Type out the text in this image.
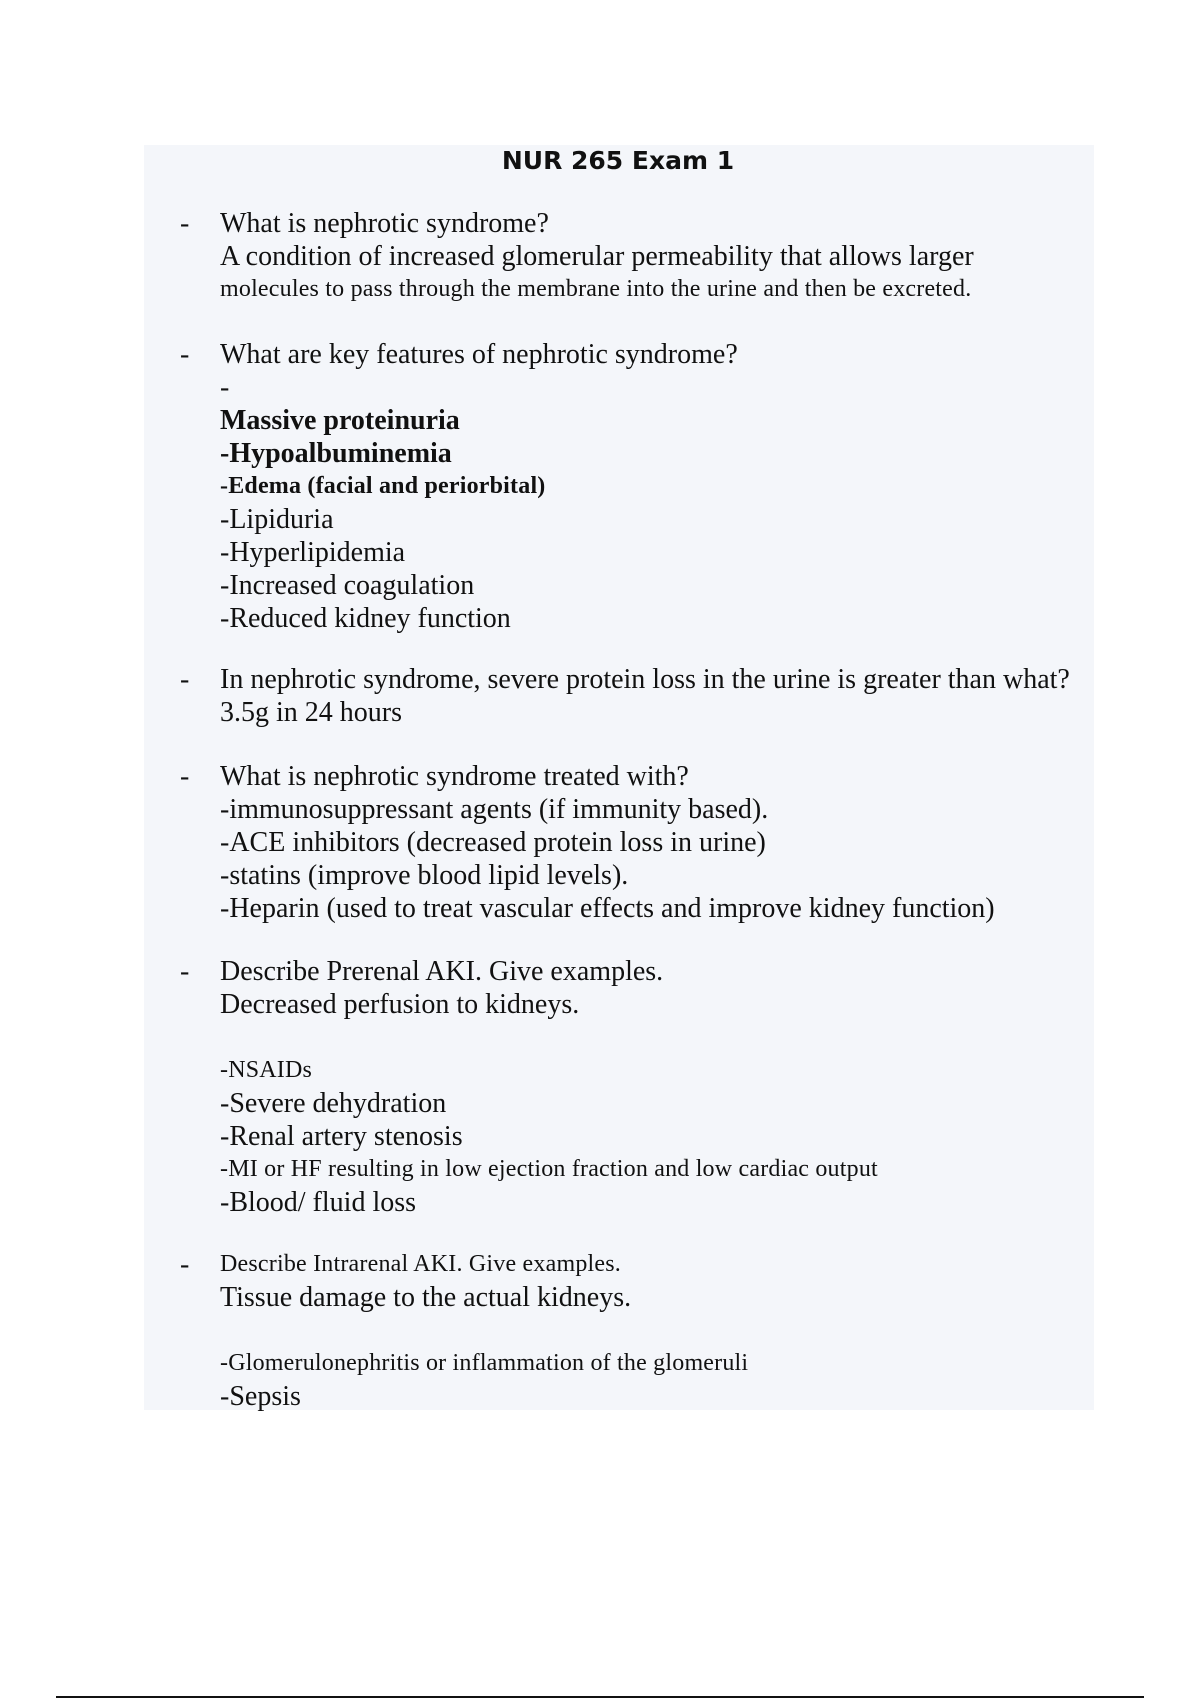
NUR 265 Exam 1
-	What is nephrotic syndrome?
A condition of increased glomerular permeability that allows larger
molecules to pass through the membrane into the urine and then be excreted.
-	What are key features of nephrotic syndrome?
-
Massive proteinuria
-Hypoalbuminemia
-Edema (facial and periorbital)
-Lipiduria
-Hyperlipidemia
-Increased coagulation
-Reduced kidney function
-	In nephrotic syndrome, severe protein loss in the urine is greater than what?
3.5g in 24 hours
-	What is nephrotic syndrome treated with?
-immunosuppressant agents (if immunity based).
-ACE inhibitors (decreased protein loss in urine)
-statins (improve blood lipid levels).
-Heparin (used to treat vascular effects and improve kidney function)
-	Describe Prerenal AKI. Give examples.
Decreased perfusion to kidneys.
-NSAIDs
-Severe dehydration
-Renal artery stenosis
-MI or HF resulting in low ejection fraction and low cardiac output
-Blood/ fluid loss
-	Describe Intrarenal AKI. Give examples.
Tissue damage to the actual kidneys.
-Glomerulonephritis or inflammation of the glomeruli
-Sepsis
